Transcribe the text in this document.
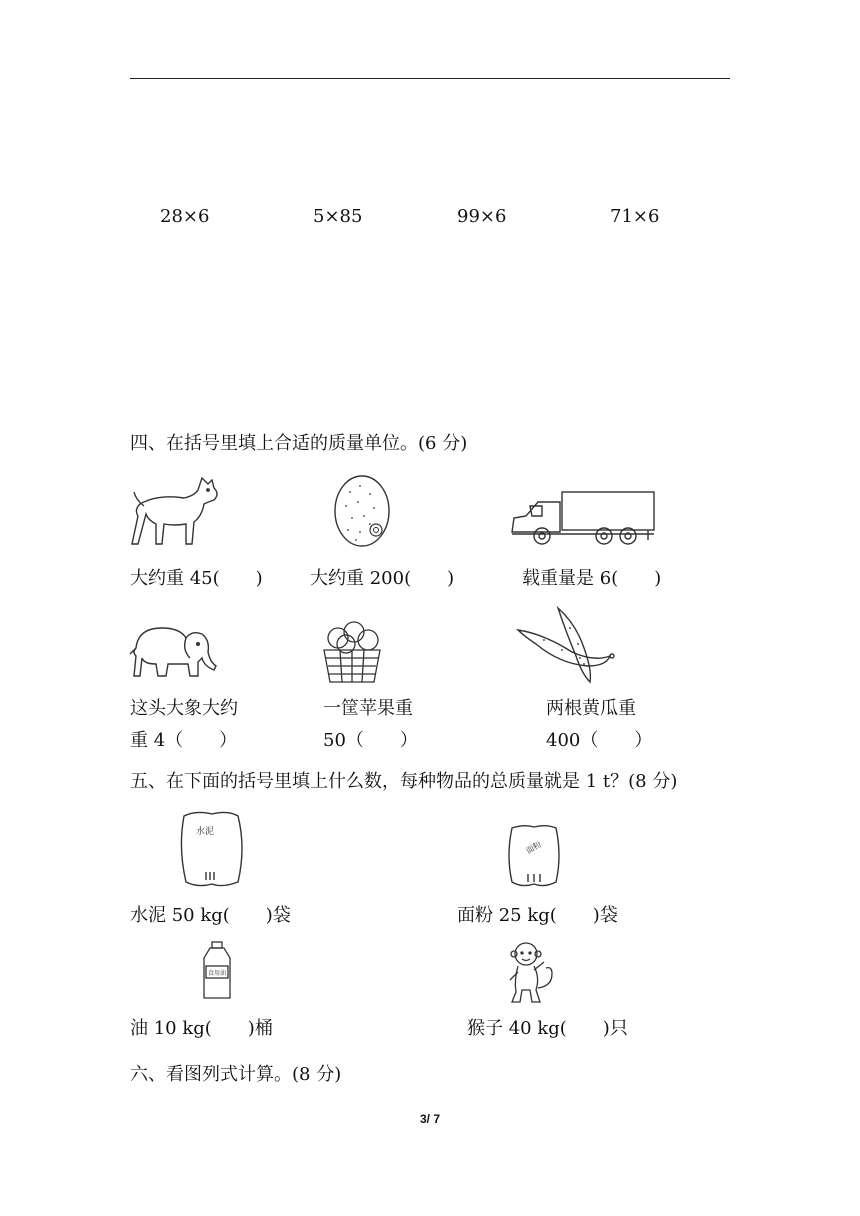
28×6	5×85	99×6	71×6
四、在括号里填上合适的质量单位。(6 分)
大约重 45(　　)	大约重 200(　　)	载重量是 6(　　)
这头大象大约	一筐苹果重	两根黄瓜重
重 4（　　）	50（　　）	400（　　）
五、在下面的括号里填上什么数，每种物品的总质量就是 1 t？(8 分)
水泥
面粉
水泥 50 kg(　　)袋	面粉 25 kg(　　)袋
食用油
油 10 kg(　　)桶	猴子 40 kg(　　)只
六、看图列式计算。(8 分)
3/ 7
